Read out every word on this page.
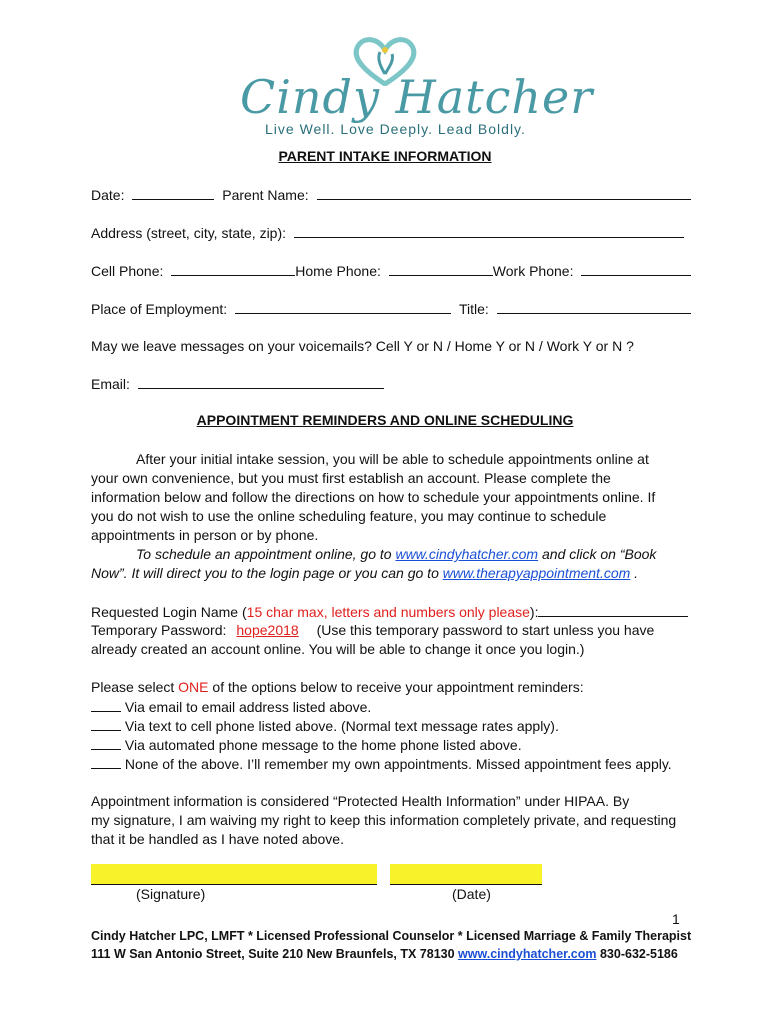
Cindy Hatcher
Live Well. Love Deeply. Lead Boldly.
PARENT INTAKE INFORMATION
Date:	Parent Name:
Address (street, city, state, zip):
Cell Phone:	Home Phone:	Work Phone:
Place of Employment:	Title:
May we leave messages on your voicemails? Cell Y or N / Home Y or N / Work Y or N ?
Email:
APPOINTMENT REMINDERS AND ONLINE SCHEDULING
After your initial intake session, you will be able to schedule appointments online at
your own convenience, but you must first establish an account. Please complete the
information below and follow the directions on how to schedule your appointments online. If
you do not wish to use the online scheduling feature, you may continue to schedule
appointments in person or by phone.
To schedule an appointment online, go to www.cindyhatcher.com and click on “Book
Now”. It will direct you to the login page or you can go to www.therapyappointment.com .
Requested Login Name (15 char max, letters and numbers only please):
Temporary Password: hope2018 (Use this temporary password to start unless you have
already created an account online. You will be able to change it once you login.)
Please select ONE of the options below to receive your appointment reminders:
Via email to email address listed above.
Via text to cell phone listed above. (Normal text message rates apply).
Via automated phone message to the home phone listed above.
None of the above. I’ll remember my own appointments. Missed appointment fees apply.
Appointment information is considered “Protected Health Information” under HIPAA. By
my signature, I am waiving my right to keep this information completely private, and requesting
that it be handled as I have noted above.
(Signature)	(Date)
1
Cindy Hatcher LPC, LMFT * Licensed Professional Counselor * Licensed Marriage & Family Therapist
111 W San Antonio Street, Suite 210 New Braunfels, TX 78130 www.cindyhatcher.com 830-632-5186
